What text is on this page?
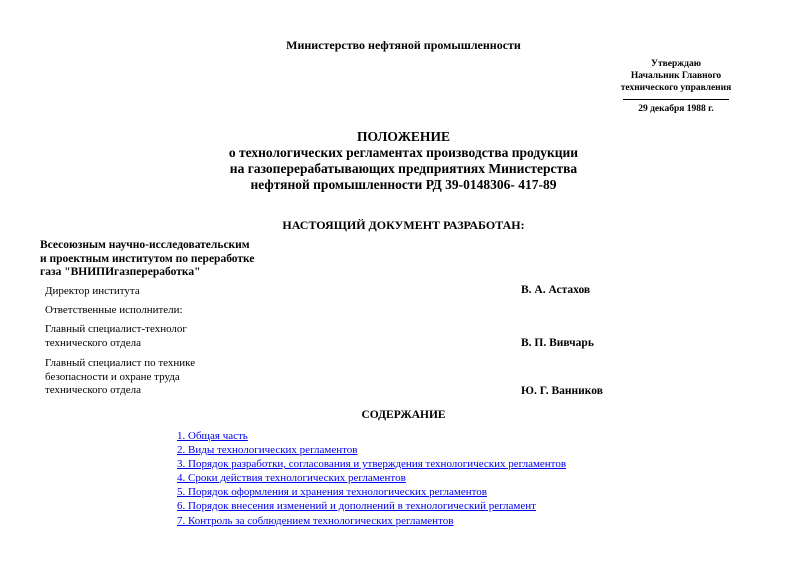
Министерство нефтяной промышленности
Утверждаю
Начальник Главного
технического управления
29 декабря 1988 г.
ПОЛОЖЕНИЕ
о технологических регламентах производства продукции
на газоперерабатывающих предприятиях Министерства
нефтяной промышленности РД 39-0148306- 417-89
НАСТОЯЩИЙ ДОКУМЕНТ РАЗРАБОТАН:
Всесоюзным научно-исследовательским
и проектным институтом по переработке
газа "ВНИПИгазпереработка"
Директор института	В. А. Астахов
Ответственные исполнители:
Главный специалист-технолог
технического отдела	В. П. Вивчарь
Главный специалист по технике
безопасности и охране труда
технического отдела	Ю. Г. Ванников
СОДЕРЖАНИЕ
1. Общая часть
2. Виды технологических регламентов
3. Порядок разработки, согласования и утверждения технологических регламентов
4. Сроки действия технологических регламентов
5. Порядок оформления и хранения технологических регламентов
6. Порядок внесения изменений и дополнений в технологический регламент
7. Контроль за соблюдением технологических регламентов
